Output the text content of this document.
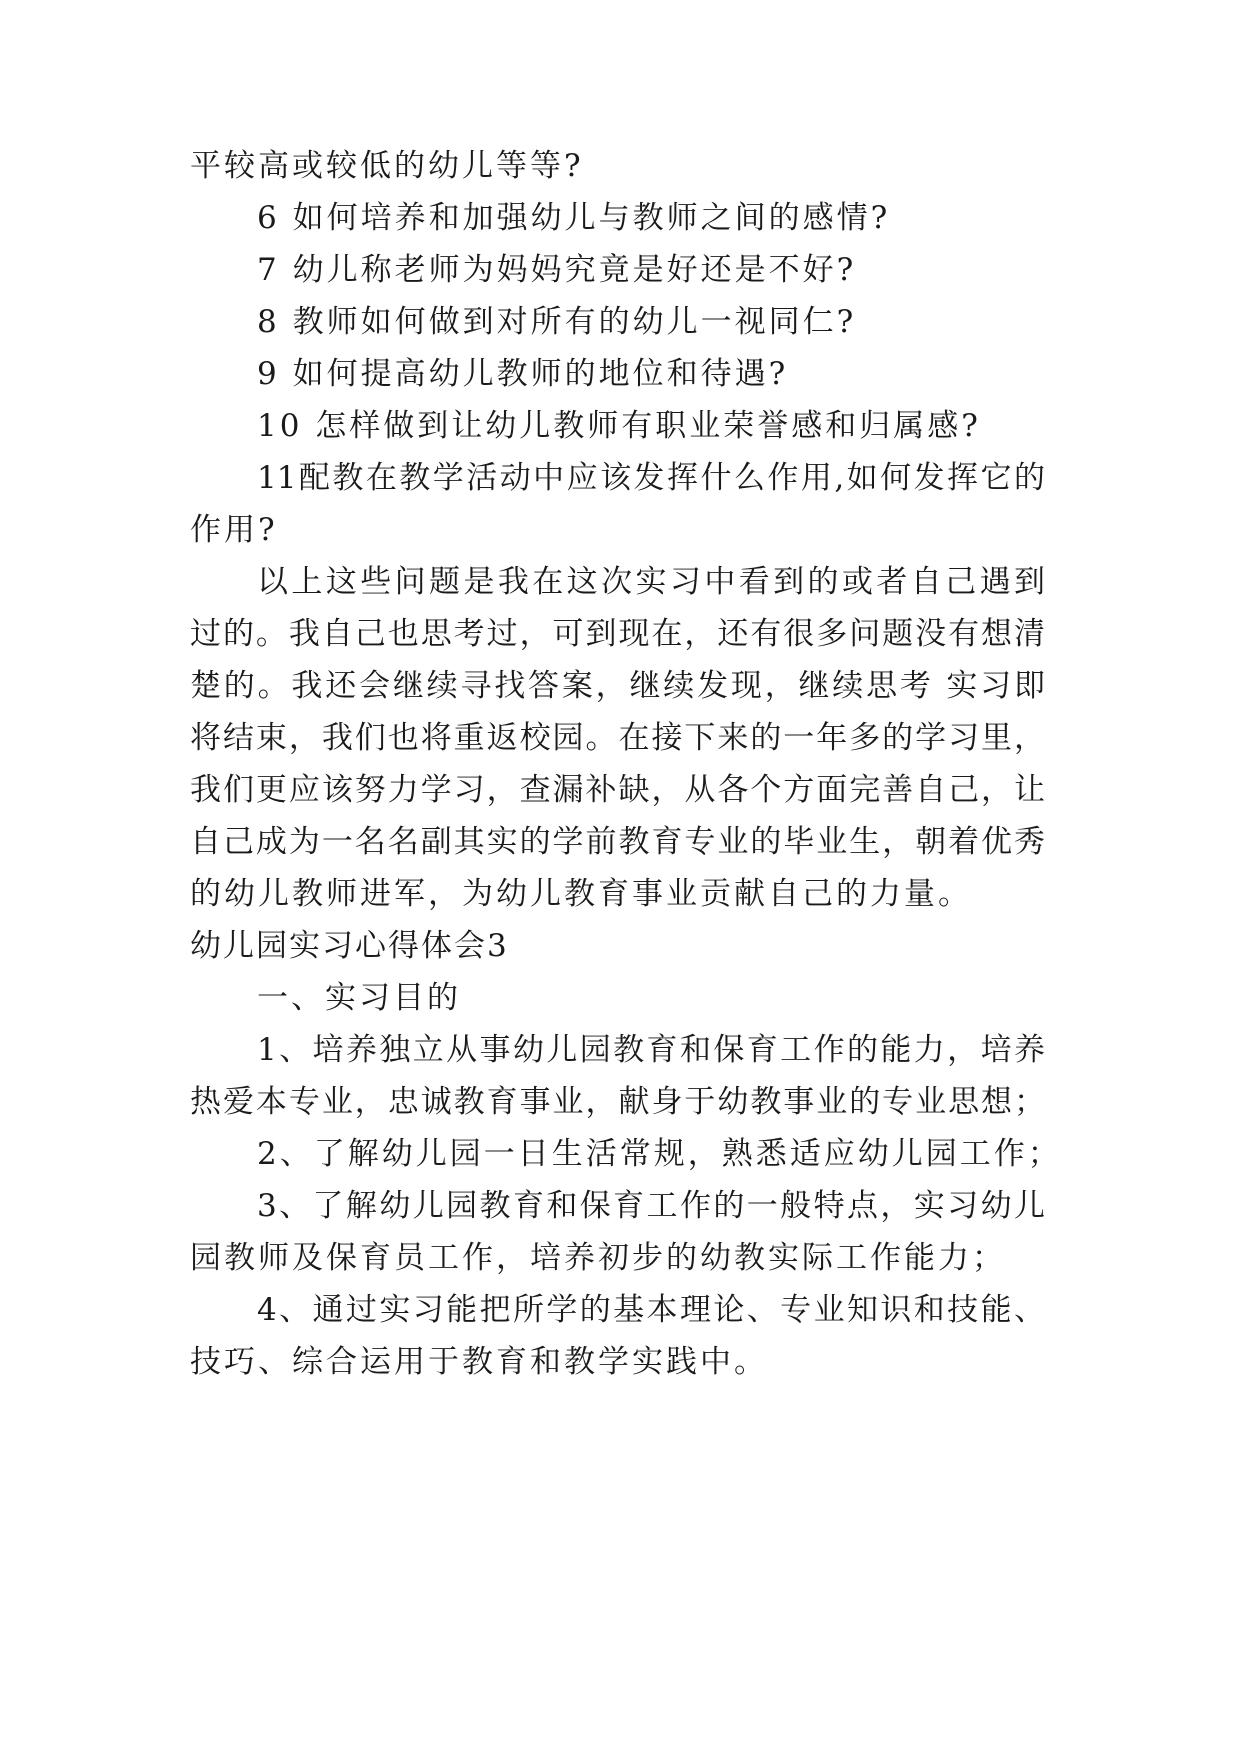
平较高或较低的幼儿等等?
6 如何培养和加强幼儿与教师之间的感情?
7 幼儿称老师为妈妈究竟是好还是不好?
8 教师如何做到对所有的幼儿一视同仁?
9 如何提高幼儿教师的地位和待遇?
10 怎样做到让幼儿教师有职业荣誉感和归属感?
11配教在教学活动中应该发挥什么作用,如何发挥它的
作用?
以上这些问题是我在这次实习中看到的或者自己遇到
过的。我自己也思考过，可到现在，还有很多问题没有想清
楚的。我还会继续寻找答案，继续发现，继续思考 实习即
将结束，我们也将重返校园。在接下来的一年多的学习里，
我们更应该努力学习，查漏补缺，从各个方面完善自己，让
自己成为一名名副其实的学前教育专业的毕业生，朝着优秀
的幼儿教师进军，为幼儿教育事业贡献自己的力量。
幼儿园实习心得体会3
一、实习目的
1、培养独立从事幼儿园教育和保育工作的能力，培养
热爱本专业，忠诚教育事业，献身于幼教事业的专业思想；
2、了解幼儿园一日生活常规，熟悉适应幼儿园工作；
3、了解幼儿园教育和保育工作的一般特点，实习幼儿
园教师及保育员工作，培养初步的幼教实际工作能力；
4、通过实习能把所学的基本理论、专业知识和技能、
技巧、综合运用于教育和教学实践中。
